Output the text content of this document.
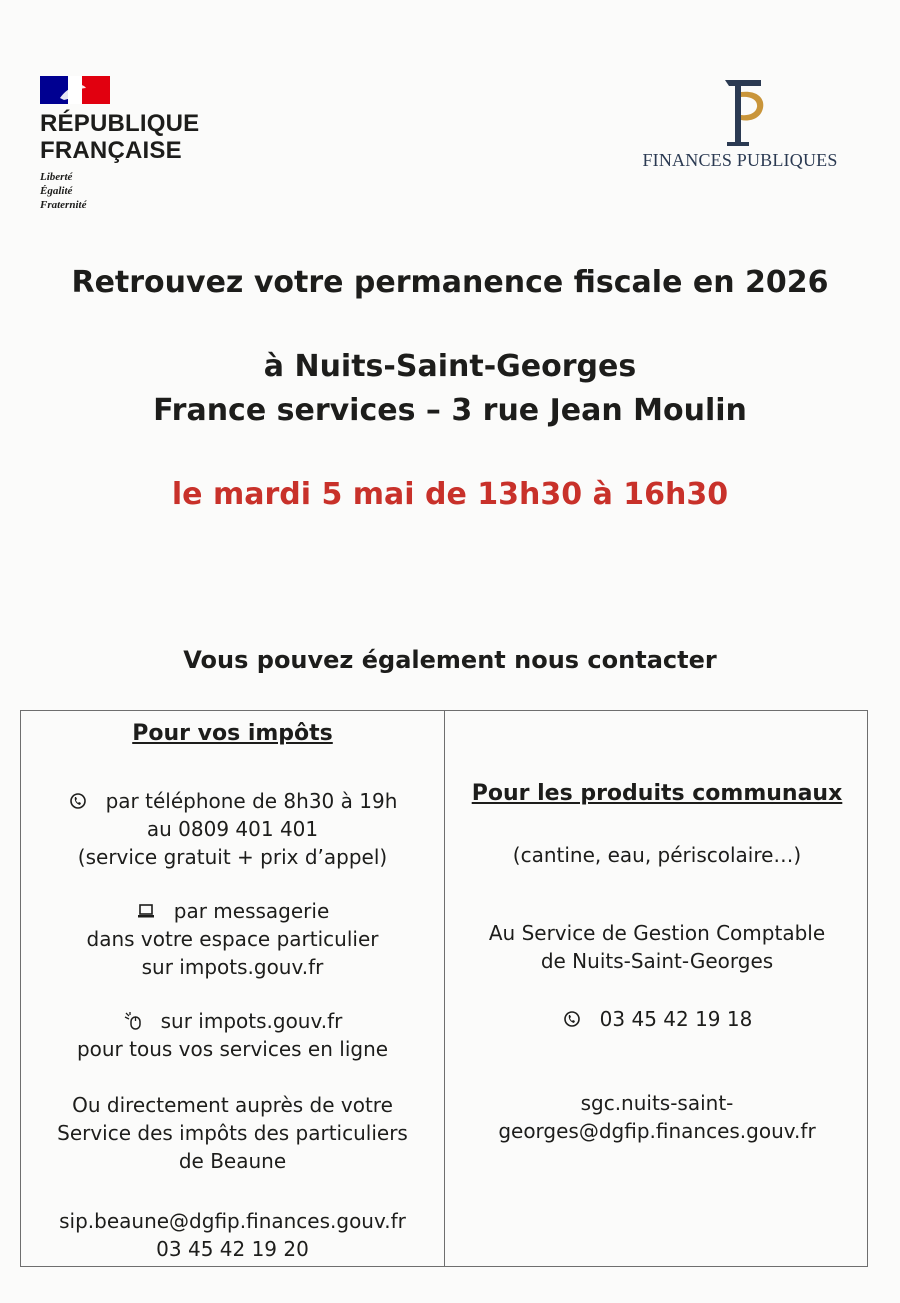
RÉPUBLIQUE
FRANÇAISE
Liberté
Égalité
Fraternité
FINANCES PUBLIQUES
Retrouvez votre permanence fiscale en 2026
à Nuits-Saint-Georges
France services – 3 rue Jean Moulin
le mardi 5 mai de 13h30 à 16h30
Vous pouvez également nous contacter
Pour vos impôts
par téléphone de 8h30 à 19h
au 0809 401 401
(service gratuit + prix d’appel)
par messagerie
dans votre espace particulier
sur impots.gouv.fr
sur impots.gouv.fr
pour tous vos services en ligne
Ou directement auprès de votre
Service des impôts des particuliers
de Beaune
sip.beaune@dgfip.finances.gouv.fr
03 45 42 19 20
Pour les produits communaux
(cantine, eau, périscolaire…)
Au Service de Gestion Comptable
de Nuits-Saint-Georges
03 45 42 19 18
sgc.nuits-saint-
georges@dgfip.finances.gouv.fr
